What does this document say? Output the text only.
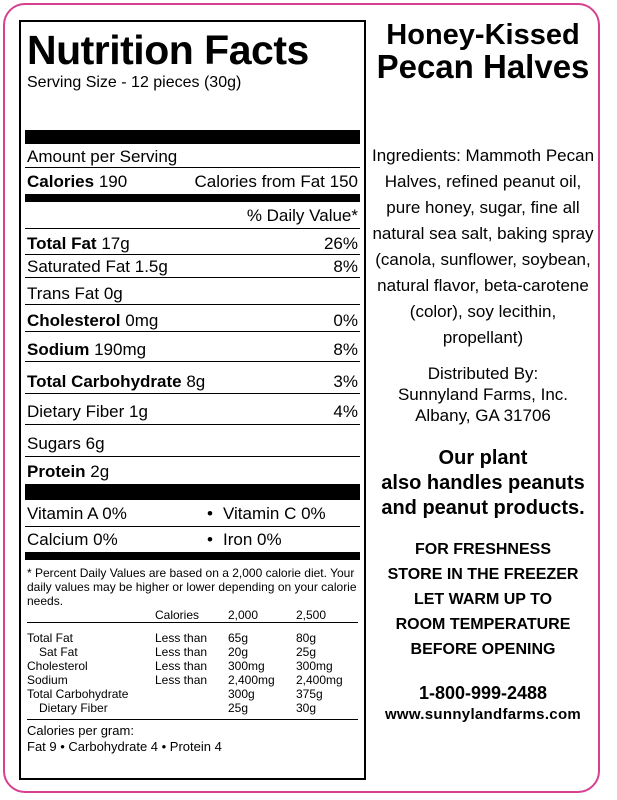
Nutrition Facts
Serving Size - 12 pieces (30g)
Amount per Serving
Calories 190	Calories from Fat 150
% Daily Value*
Total Fat 17g	26%
Saturated Fat 1.5g	8%
Trans Fat 0g
Cholesterol 0mg	0%
Sodium 190mg	8%
Total Carbohydrate 8g	3%
Dietary Fiber 1g	4%
Sugars 6g
Protein 2g
Vitamin A 0%	• Vitamin C 0%
Calcium 0%	• Iron 0%
* Percent Daily Values are based on a 2,000 calorie diet. Your daily values may be higher or lower depending on your calorie needs.
	Calories	2,000	2,500
Total Fat	Less than	65g	80g
Sat Fat	Less than	20g	25g
Cholesterol	Less than	300mg	300mg
Sodium	Less than	2,400mg	2,400mg
Total Carbohydrate		300g	375g
Dietary Fiber		25g	30g
Calories per gram:
Fat 9 • Carbohydrate 4 • Protein 4
Honey-Kissed
Pecan Halves
Ingredients: Mammoth Pecan Halves, refined peanut oil, pure honey, sugar, fine all natural sea salt, baking spray (canola, sunflower, soybean, natural flavor, beta-carotene (color), soy lecithin, propellant)
Distributed By:
Sunnyland Farms, Inc.
Albany, GA 31706
Our plant
also handles peanuts
and peanut products.
FOR FRESHNESS
STORE IN THE FREEZER
LET WARM UP TO
ROOM TEMPERATURE
BEFORE OPENING
1-800-999-2488
www.sunnylandfarms.com
